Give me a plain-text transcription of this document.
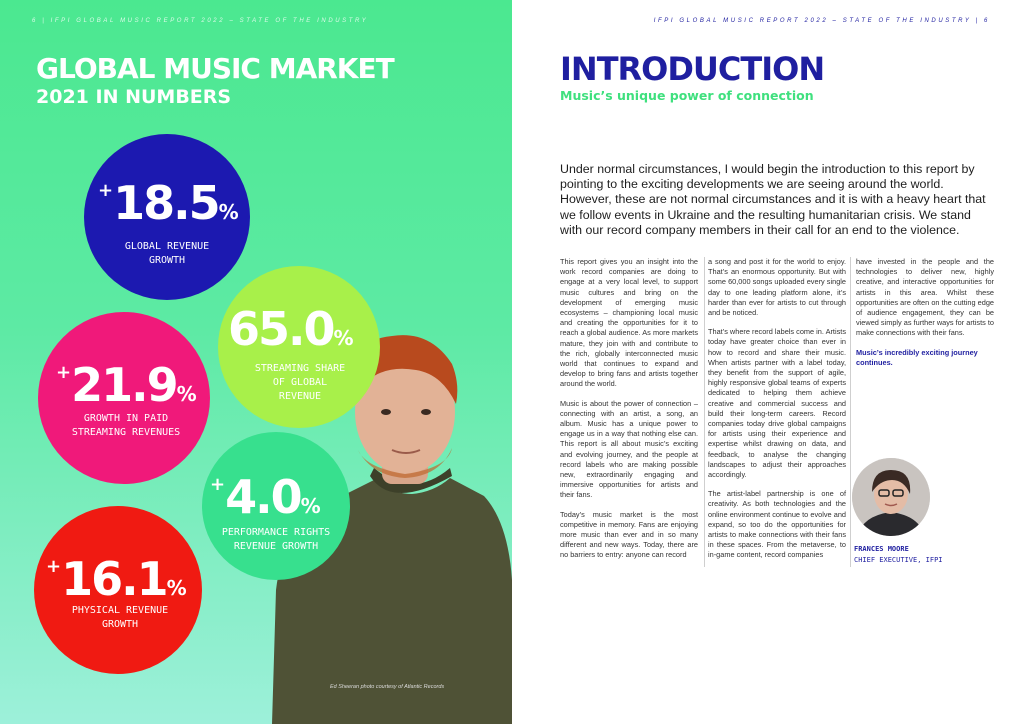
6 | IFPI GLOBAL MUSIC REPORT 2022 – STATE OF THE INDUSTRY
GLOBAL MUSIC MARKET
2021 IN NUMBERS
+18.5%
GLOBAL REVENUE
GROWTH
65.0%
STREAMING SHARE
OF GLOBAL
REVENUE
+21.9%
GROWTH IN PAID
STREAMING REVENUES
+4.0%
PERFORMANCE RIGHTS
REVENUE GROWTH
+16.1%
PHYSICAL REVENUE
GROWTH
Ed Sheeran photo courtesy of Atlantic Records
IFPI GLOBAL MUSIC REPORT 2022 – STATE OF THE INDUSTRY | 6
INTRODUCTION
Music’s unique power of connection
Under normal circumstances, I would begin the introduction to this report by pointing to the exciting developments we are seeing around the world. However, these are not normal circumstances and it is with a heavy heart that we follow events in Ukraine and the resulting humanitarian crisis. We stand with our record company members in their call for an end to the violence.

This report gives you an insight into the work record companies are doing to engage at a very local level, to support music cultures and bring on the development of emerging music ecosystems – championing local music and creating the opportunities for it to reach a global audience. As more markets mature, they join with and contribute to the rich, globally interconnected music world that continues to expand and develop to bring fans and artists together around the world.

Music is about the power of connection – connecting with an artist, a song, an album. Music has a unique power to engage us in a way that nothing else can. This report is all about music’s exciting and evolving journey, and the people at record labels who are making possible new, extraordinarily engaging and immersive opportunities for artists and their fans.

Today’s music market is the most competitive in memory. Fans are enjoying more music than ever and in so many different and new ways. Today, there are no barriers to entry: anyone can record

a song and post it for the world to enjoy. That’s an enormous opportunity. But with some 60,000 songs uploaded every single day to one leading platform alone, it’s harder than ever for artists to cut through and be noticed.

That’s where record labels come in. Artists today have greater choice than ever in how to record and share their music. When artists partner with a label today, they benefit from the support of agile, highly responsive global teams of experts dedicated to helping them achieve creative and commercial success and build their long-term careers. Record companies today drive global campaigns for artists using their experience and expertise whilst drawing on data, and feedback, to analyse the changing landscapes to adjust their approaches accordingly.

The artist-label partnership is one of creativity. As both technologies and the online environment continue to evolve and expand, so too do the opportunities for artists to make connections with their fans in these spaces. From the metaverse, to in-game content, record companies

have invested in the people and the technologies to deliver new, highly creative, and interactive opportunities for artists in this area. Whilst these opportunities are often on the cutting edge of audience engagement, they can be viewed simply as further ways for artists to make connections with their fans.

Music’s incredibly exciting journey continues.

FRANCES MOORE
CHIEF EXECUTIVE, IFPI
